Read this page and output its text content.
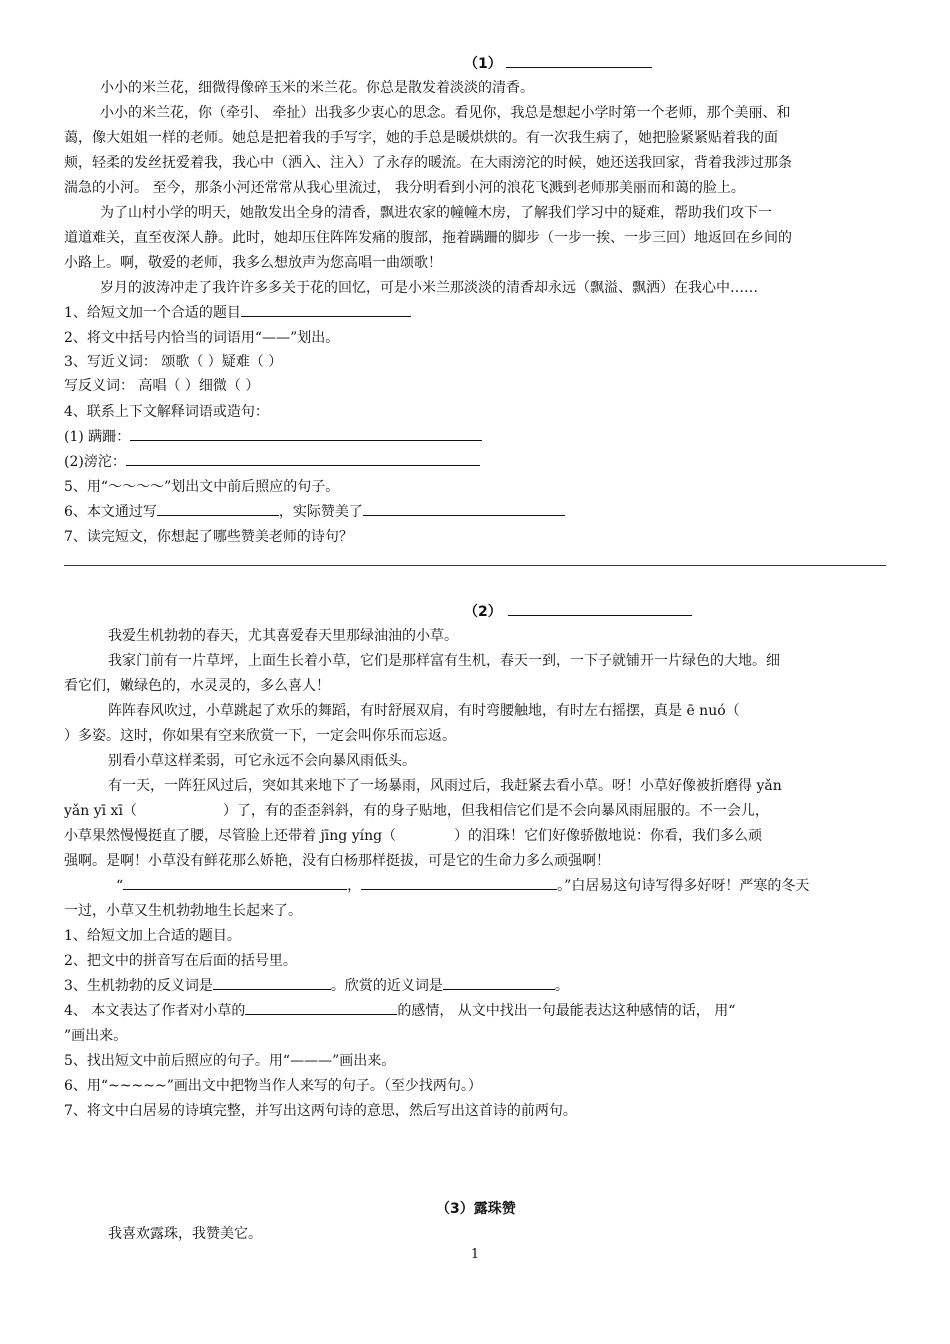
（1）
小小的米兰花，细微得像碎玉米的米兰花。你总是散发着淡淡的清香。
小小的米兰花，你（牵引、 牵扯）出我多少衷心的思念。看见你，我总是想起小学时第一个老师，那个美丽、和
蔼，像大姐姐一样的老师。她总是把着我的手写字，她的手总是暖烘烘的。有一次我生病了，她把脸紧紧贴着我的面
颊，轻柔的发丝抚爱着我，我心中（洒入、注入）了永存的暖流。在大雨滂沱的时候，她还送我回家，背着我涉过那条
湍急的小河。 至今，那条小河还常常从我心里流过， 我分明看到小河的浪花飞溅到老师那美丽而和蔼的脸上。
为了山村小学的明天，她散发出全身的清香，飘进农家的幢幢木房，了解我们学习中的疑难，帮助我们攻下一
道道难关，直至夜深人静。此时，她却压住阵阵发痛的腹部，拖着蹒跚的脚步（一步一挨、一步三回）地返回在乡间的
小路上。啊，敬爱的老师，我多么想放声为您高唱一曲颂歌！
岁月的波涛冲走了我许许多多关于花的回忆，可是小米兰那淡淡的清香却永远（飘溢、飘洒）在我心中……
1、给短文加一个合适的题目
2、将文中括号内恰当的词语用“——”划出。
3、写近义词： 颂歌（ ）疑难（ ）
写反义词： 高唱（ ）细微（ ）
4、联系上下文解释词语或造句：
(1) 蹒跚：
(2)滂沱：
5、用“～～～～”划出文中前后照应的句子。
6、本文通过写	，实际赞美了
7、读完短文，你想起了哪些赞美老师的诗句？
（2）
我爱生机勃勃的春天，尤其喜爱春天里那绿油油的小草。
我家门前有一片草坪，上面生长着小草，它们是那样富有生机，春天一到，一下子就铺开一片绿色的大地。细
看它们，嫩绿色的，水灵灵的，多么喜人！
阵阵春风吹过，小草跳起了欢乐的舞蹈，有时舒展双肩，有时弯腰触地，有时左右摇摆，真是 ē nuó（
）多姿。这时，你如果有空来欣赏一下，一定会叫你乐而忘返。
别看小草这样柔弱，可它永远不会向暴风雨低头。
有一天，一阵狂风过后，突如其来地下了一场暴雨，风雨过后，我赶紧去看小草。呀！小草好像被折磨得 yǎn
yǎn yī xī（	）了，有的歪歪斜斜，有的身子贴地，但我相信它们是不会向暴风雨屈服的。不一会儿，
小草果然慢慢挺直了腰，尽管脸上还带着 jīng yíng（	）的泪珠！它们好像骄傲地说：你看，我们多么顽
强啊。是啊！小草没有鲜花那么娇艳，没有白杨那样挺拔，可是它的生命力多么顽强啊！
“	，	。”白居易这句诗写得多好呀！严寒的冬天
一过，小草又生机勃勃地生长起来了。
1、给短文加上合适的题目。
2、把文中的拼音写在后面的括号里。
3、生机勃勃的反义词是	。欣赏的近义词是	。
4、 本文表达了作者对小草的	的感情， 从文中找出一句最能表达这种感情的话， 用“
”画出来。
5、找出短文中前后照应的句子。用“———”画出来。
6、用“~~~~~”画出文中把物当作人来写的句子。（至少找两句。）
7、将文中白居易的诗填完整，并写出这两句诗的意思，然后写出这首诗的前两句。
（3）露珠赞
我喜欢露珠，我赞美它。
1
